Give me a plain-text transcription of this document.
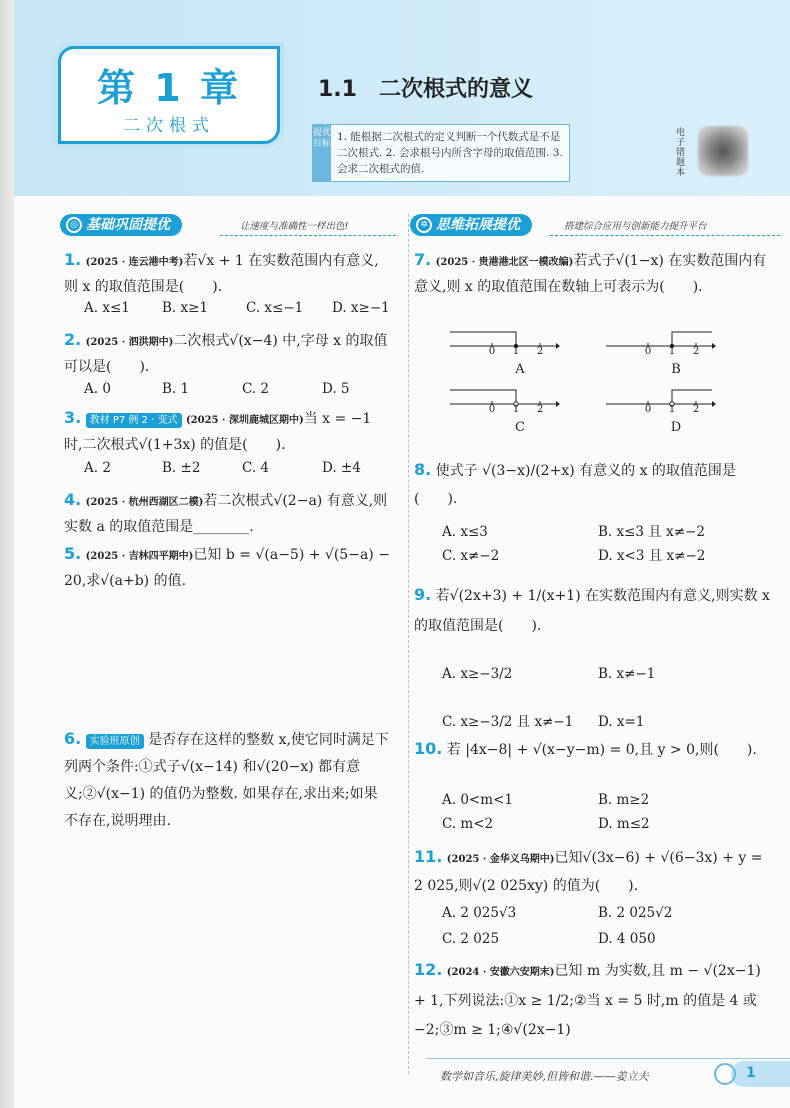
第 1 章
二次根式
1.1　二次根式的意义
提优目标
1. 能根据二次根式的定义判断一个代数式是不是二次根式. 2. 会求根号内所含字母的取值范围. 3. 会求二次根式的值.
电子错题本
◎ 基础巩固提优	让速度与准确性一样出色!	✲ 思维拓展提优	搭建综合应用与创新能力提升平台
1. (2025 · 连云港中考)若√x + 1 在实数范围内有意义,则 x 的取值范围是(　　).
A. x≤1 B. x≥1	C. x≤−1 D. x≥−1
2. (2025 · 泗洪期中)二次根式√(x−4) 中,字母 x 的取值可以是(　　).
A. 0	B. 1	C. 2	D. 5
3. 教材 P7 例 2 · 变式 (2025 · 深圳鹿城区期中)当 x = −1 时,二次根式√(1+3x) 的值是(　　).
A. 2	B. ±2	C. 4	D. ±4
4. (2025 · 杭州西湖区二模)若二次根式√(2−a) 有意义,则实数 a 的取值范围是________.
5. (2025 · 吉林四平期中)已知 b = √(a−5) + √(5−a) − 20,求√(a+b) 的值.
6. 实验班原创 是否存在这样的整数 x,使它同时满足下列两个条件:①式子√(x−14) 和√(20−x) 都有意义;②√(x−1) 的值仍为整数. 如果存在,求出来;如果不存在,说明理由.
7. (2025 · 贵港港北区一模改编)若式子√(1−x) 在实数范围内有意义,则 x 的取值范围在数轴上可表示为(　　).
0	1	2	0	1	2
0	1	2	0	1	2
A	B
C	D
8. 使式子 √(3−x)/(2+x) 有意义的 x 的取值范围是(　　).
A. x≤3	B. x≤3 且 x≠−2
C. x≠−2	D. x<3 且 x≠−2
9. 若√(2x+3) + 1/(x+1) 在实数范围内有意义,则实数 x 的取值范围是(　　).
A. x≥−3/2	B. x≠−1
C. x≥−3/2 且 x≠−1 D. x=1
10. 若 |4x−8| + √(x−y−m) = 0,且 y > 0,则(　　).
A. 0<m<1	B. m≥2
C. m<2	D. m≤2
11. (2025 · 金华义乌期中)已知√(3x−6) + √(6−3x) + y = 2 025,则√(2 025xy) 的值为(　　).
A. 2 025√3	B. 2 025√2
C. 2 025	D. 4 050
12. (2024 · 安徽六安期末)已知 m 为实数,且 m − √(2x−1) + 1,下列说法:①x ≥ 1/2;②当 x = 5 时,m 的值是 4 或 −2;③m ≥ 1;④√(2x−1)
数学如音乐,旋律美妙,但皆和谐.——姜立夫	1
